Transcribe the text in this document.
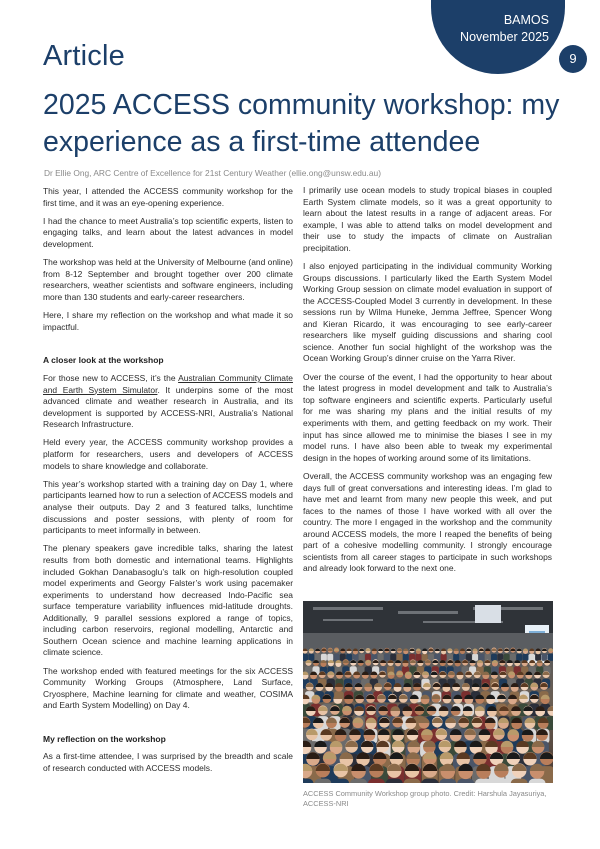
BAMOS
November 2025
9
Article
2025 ACCESS community workshop: my experience as a first-time attendee
Dr Ellie Ong, ARC Centre of Excellence for 21st Century Weather (ellie.ong@unsw.edu.au)

This year, I attended the ACCESS community workshop for the first time, and it was an eye-opening experience.

I had the chance to meet Australia’s top scientific experts, listen to engaging talks, and learn about the latest advances in model development.

The workshop was held at the University of Melbourne (and online) from 8-12 September and brought together over 200 climate researchers, weather scientists and software engineers, including more than 130 students and early-career researchers.

Here, I share my reflection on the workshop and what made it so impactful.

A closer look at the workshop

For those new to ACCESS, it’s the Australian Community Climate and Earth System Simulator. It underpins some of the most advanced climate and weather research in Australia, and its development is supported by ACCESS-NRI, Australia’s National Research Infrastructure.

Held every year, the ACCESS community workshop provides a platform for researchers, users and developers of ACCESS models to share knowledge and collaborate.

This year’s workshop started with a training day on Day 1, where participants learned how to run a selection of ACCESS models and analyse their outputs. Day 2 and 3 featured talks, lunchtime discussions and poster sessions, with plenty of room for participants to meet informally in between.

The plenary speakers gave incredible talks, sharing the latest results from both domestic and international teams. Highlights included Gokhan Danabasoglu’s talk on high-resolution coupled model experiments and Georgy Falster’s work using pacemaker experiments to understand how decreased Indo-Pacific sea surface temperature variability influences mid-latitude droughts. Additionally, 9 parallel sessions explored a range of topics, including carbon reservoirs, regional modelling, Antarctic and Southern Ocean science and machine learning applications in climate science.

The workshop ended with featured meetings for the six ACCESS Community Working Groups (Atmosphere, Land Surface, Cryosphere, Machine learning for climate and weather, COSIMA and Earth System Modelling) on Day 4.

My reflection on the workshop

As a first-time attendee, I was surprised by the breadth and scale of research conducted with ACCESS models.

I primarily use ocean models to study tropical biases in coupled Earth System climate models, so it was a great opportunity to learn about the latest results in a range of adjacent areas. For example, I was able to attend talks on model development and their use to study the impacts of climate on Australian precipitation.

I also enjoyed participating in the individual community Working Groups discussions. I particularly liked the Earth System Model Working Group session on climate model evaluation in support of the ACCESS-Coupled Model 3 currently in development. In these sessions run by Wilma Huneke, Jemma Jeffree, Spencer Wong and Kieran Ricardo, it was encouraging to see early-career researchers like myself guiding discussions and sharing cool science. Another fun social highlight of the workshop was the Ocean Working Group’s dinner cruise on the Yarra River.

Over the course of the event, I had the opportunity to hear about the latest progress in model development and talk to Australia’s top software engineers and scientific experts. Particularly useful for me was sharing my plans and the initial results of my experiments with them, and getting feedback on my work. Their input has since allowed me to minimise the biases I see in my model runs. I have also been able to tweak my experimental design in the hopes of working around some of its limitations.

Overall, the ACCESS community workshop was an engaging few days full of great conversations and interesting ideas. I’m glad to have met and learnt from many new people this week, and put faces to the names of those I have worked with all over the country. The more I engaged in the workshop and the community around ACCESS models, the more I reaped the benefits of being part of a cohesive modelling community. I strongly encourage scientists from all career stages to participate in such workshops and already look forward to the next one.

ACCESS Community Workshop group photo. Credit: Harshula Jayasuriya, ACCESS-NRI
